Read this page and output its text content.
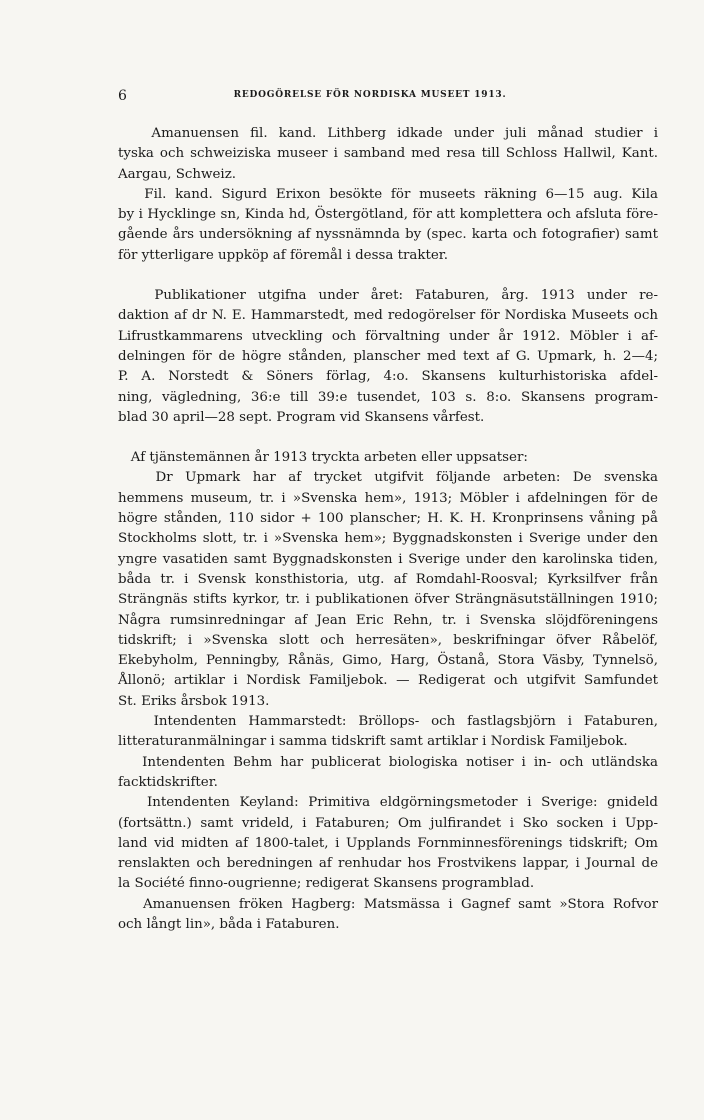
6	REDOGÖRELSE FÖR NORDISKA MUSEET 1913.

Amanuensen fil. kand. Lithberg idkade under juli månad studier i

tyska och schweiziska museer i samband med resa till Schloss Hallwil, Kant.

Aargau, Schweiz.

Fil. kand. Sigurd Erixon besökte för museets räkning 6—15 aug. Kila

by i Hycklinge sn, Kinda hd, Östergötland, för att komplettera och afsluta före-

gående års undersökning af nyssnämnda by (spec. karta och fotografier) samt

för ytterligare uppköp af föremål i dessa trakter.

Publikationer utgifna under året: Fataburen, årg. 1913 under re-

daktion af dr N. E. Hammarstedt, med redogörelser för Nordiska Museets och

Lifrustkammarens utveckling och förvaltning under år 1912. Möbler i af-

delningen för de högre stånden, planscher med text af G. Upmark, h. 2—4;

P. A. Norstedt & Söners förlag, 4:o. Skansens kulturhistoriska afdel-

ning, vägledning, 36:e till 39:e tusendet, 103 s. 8:o. Skansens program-

blad 30 april—28 sept. Program vid Skansens vårfest.

Af tjänstemännen år 1913 tryckta arbeten eller uppsatser:

Dr Upmark har af trycket utgifvit följande arbeten: De svenska

hemmens museum, tr. i »Svenska hem», 1913; Möbler i afdelningen för de

högre stånden, 110 sidor + 100 planscher; H. K. H. Kronprinsens våning på

Stockholms slott, tr. i »Svenska hem»; Byggnadskonsten i Sverige under den

yngre vasatiden samt Byggnadskonsten i Sverige under den karolinska tiden,

båda tr. i Svensk konsthistoria, utg. af Romdahl-Roosval; Kyrksilfver från

Strängnäs stifts kyrkor, tr. i publikationen öfver Strängnäsutställningen 1910;

Några rumsinredningar af Jean Eric Rehn, tr. i Svenska slöjdföreningens

tidskrift; i »Svenska slott och herresäten», beskrifningar öfver Råbelöf,

Ekebyholm, Penningby, Rånäs, Gimo, Harg, Östanå, Stora Väsby, Tynnelsö,

Ållonö; artiklar i Nordisk Familjebok. — Redigerat och utgifvit Samfundet

St. Eriks årsbok 1913.

Intendenten Hammarstedt: Bröllops- och fastlagsbjörn i Fataburen,

litteraturanmälningar i samma tidskrift samt artiklar i Nordisk Familjebok.

Intendenten Behm har publicerat biologiska notiser i in- och utländska

facktidskrifter.

Intendenten Keyland: Primitiva eldgörningsmetoder i Sverige: gnideld

(fortsättn.) samt vrideld, i Fataburen; Om julfirandet i Sko socken i Upp-

land vid midten af 1800-talet, i Upplands Fornminnesförenings tidskrift; Om

renslakten och beredningen af renhudar hos Frostvikens lappar, i Journal de

la Société finno-ougrienne; redigerat Skansens programblad.

Amanuensen fröken Hagberg: Matsmässa i Gagnef samt »Stora Rofvor

och långt lin», båda i Fataburen.
